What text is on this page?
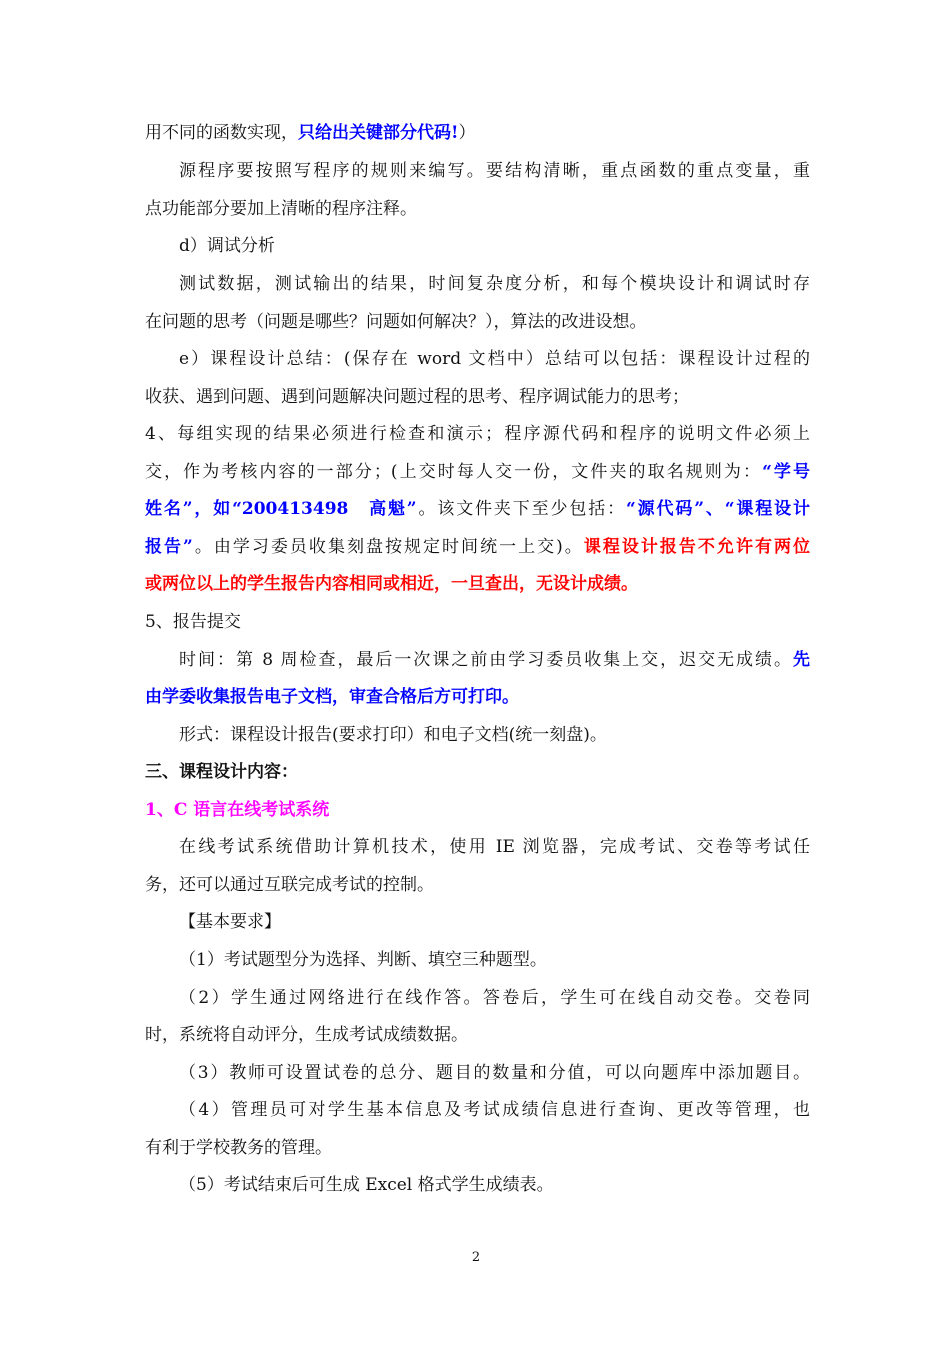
用不同的函数实现，只给出关键部分代码!）
源程序要按照写程序的规则来编写。要结构清晰，重点函数的重点变量，重
点功能部分要加上清晰的程序注释。
d）调试分析
测试数据，测试输出的结果，时间复杂度分析，和每个模块设计和调试时存
在问题的思考（问题是哪些？问题如何解决？），算法的改进设想。
e）课程设计总结：(保存在 word 文档中）总结可以包括：课程设计过程的
收获、遇到问题、遇到问题解决问题过程的思考、程序调试能力的思考；
4、每组实现的结果必须进行检查和演示；程序源代码和程序的说明文件必须上
交，作为考核内容的一部分；(上交时每人交一份，文件夹的取名规则为：“学号
姓名”，如“200413498　高魁”。该文件夹下至少包括：“源代码”、“课程设计
报告”。由学习委员收集刻盘按规定时间统一上交)。课程设计报告不允许有两位
或两位以上的学生报告内容相同或相近，一旦查出，无设计成绩。
5、报告提交
时间：第 8 周检查，最后一次课之前由学习委员收集上交，迟交无成绩。先
由学委收集报告电子文档，审查合格后方可打印。
形式：课程设计报告(要求打印）和电子文档(统一刻盘)。
三、课程设计内容：
1、C 语言在线考试系统
在线考试系统借助计算机技术，使用 IE 浏览器，完成考试、交卷等考试任
务，还可以通过互联完成考试的控制。
【基本要求】
（1）考试题型分为选择、判断、填空三种题型。
（2）学生通过网络进行在线作答。答卷后，学生可在线自动交卷。交卷同
时，系统将自动评分，生成考试成绩数据。
（3）教师可设置试卷的总分、题目的数量和分值，可以向题库中添加题目。
（4）管理员可对学生基本信息及考试成绩信息进行查询、更改等管理，也
有利于学校教务的管理。
（5）考试结束后可生成 Excel 格式学生成绩表。
2
